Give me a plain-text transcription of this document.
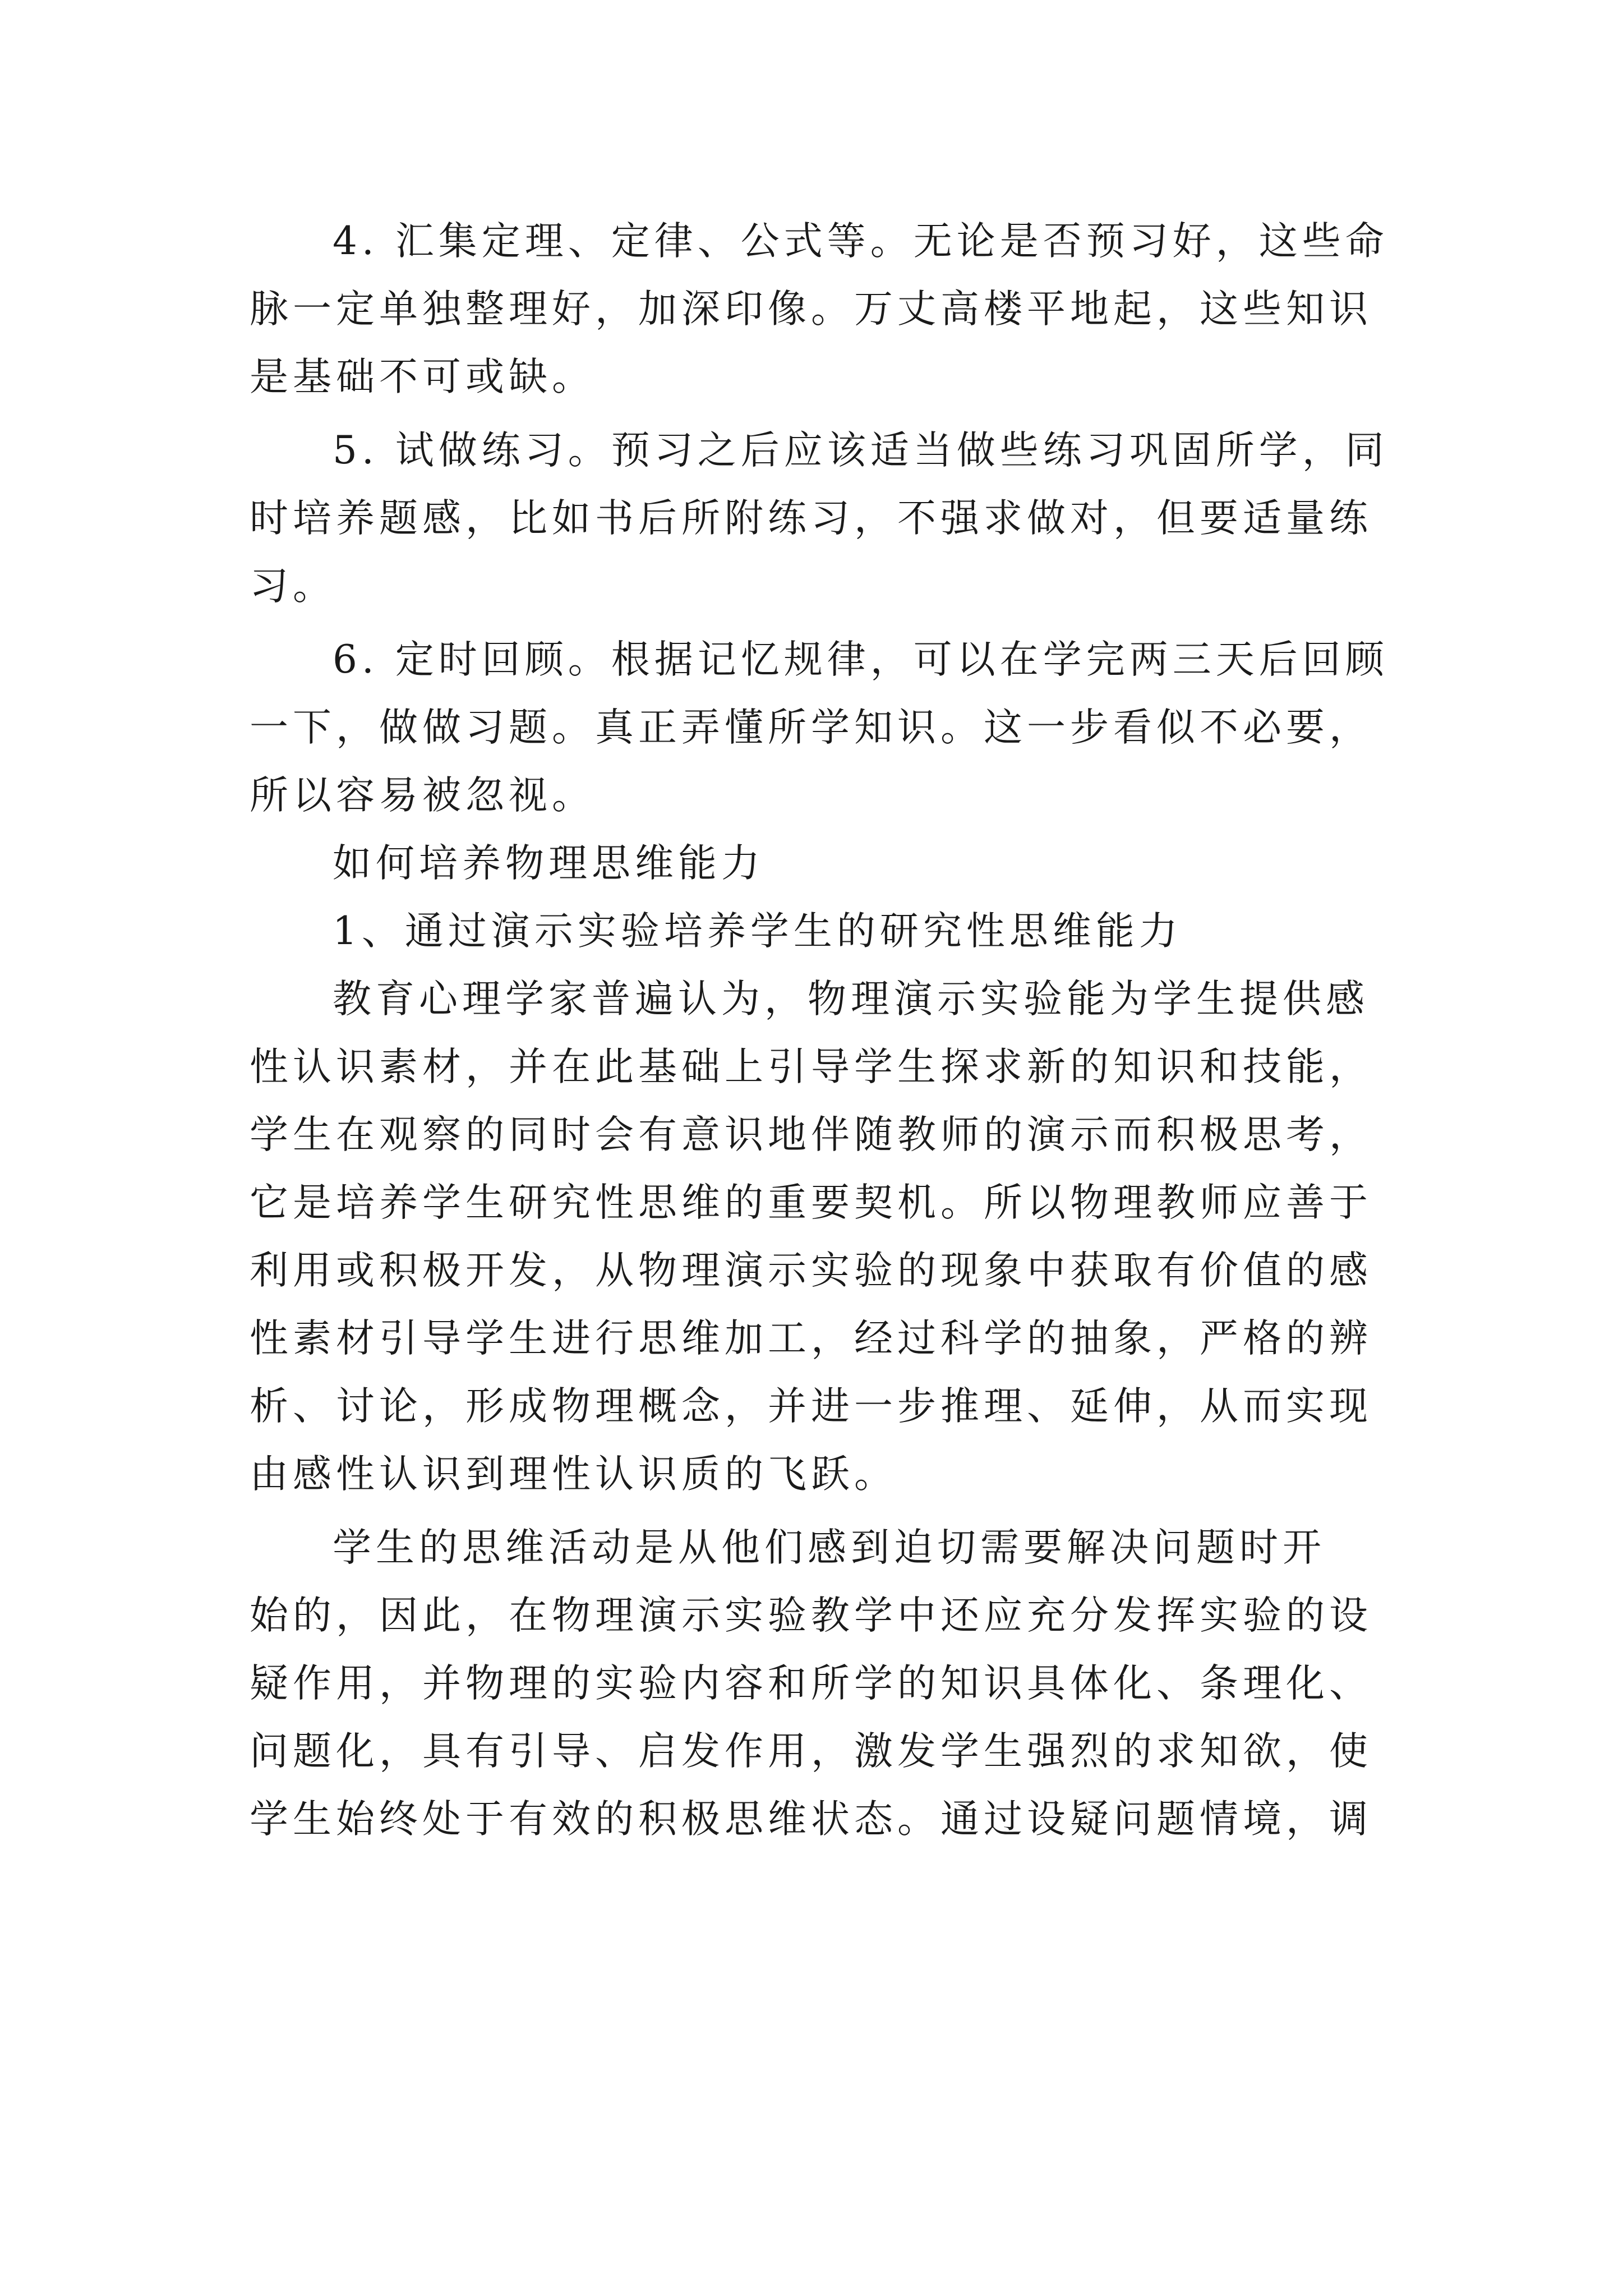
4. 汇集定理、定律、公式等。无论是否预习好，这些命
脉一定单独整理好，加深印像。万丈高楼平地起，这些知识
是基础不可或缺。
5. 试做练习。预习之后应该适当做些练习巩固所学，同
时培养题感，比如书后所附练习，不强求做对，但要适量练
习。
6. 定时回顾。根据记忆规律，可以在学完两三天后回顾
一下，做做习题。真正弄懂所学知识。这一步看似不必要，
所以容易被忽视。
如何培养物理思维能力
1、通过演示实验培养学生的研究性思维能力
教育心理学家普遍认为，物理演示实验能为学生提供感
性认识素材，并在此基础上引导学生探求新的知识和技能，
学生在观察的同时会有意识地伴随教师的演示而积极思考，
它是培养学生研究性思维的重要契机。所以物理教师应善于
利用或积极开发，从物理演示实验的现象中获取有价值的感
性素材引导学生进行思维加工，经过科学的抽象，严格的辨
析、讨论，形成物理概念，并进一步推理、延伸，从而实现
由感性认识到理性认识质的飞跃。
学生的思维活动是从他们感到迫切需要解决问题时开
始的，因此，在物理演示实验教学中还应充分发挥实验的设
疑作用，并物理的实验内容和所学的知识具体化、条理化、
问题化，具有引导、启发作用，激发学生强烈的求知欲，使
学生始终处于有效的积极思维状态。通过设疑问题情境，调
